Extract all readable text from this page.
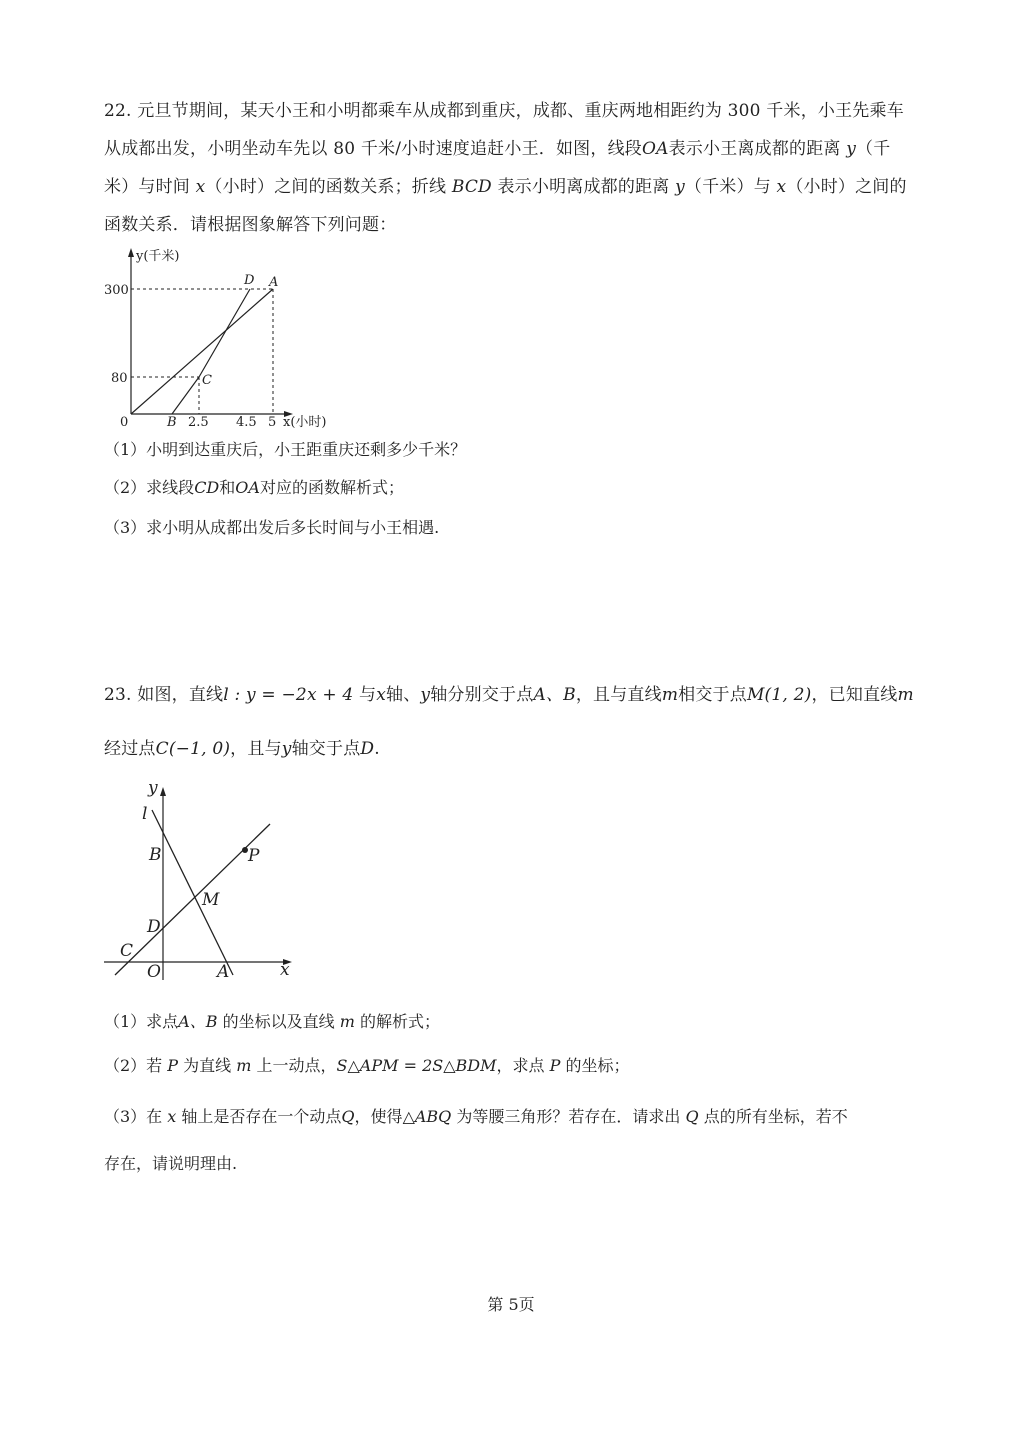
22. 元旦节期间，某天小王和小明都乘车从成都到重庆，成都、重庆两地相距约为 300 千米，小王先乘车
从成都出发，小明坐动车先以 80 千米/小时速度追赶小王．如图，线段OA表示小王离成都的距离 y（千
米）与时间 x（小时）之间的函数关系；折线 BCD 表示小明离成都的距离 y（千米）与 x（小时）之间的
函数关系．请根据图象解答下列问题：
y(千米)
x(小时)
300
80
0	2.5 4.5 5
B
C
D A
（1）小明到达重庆后，小王距重庆还剩多少千米？
（2）求线段CD和OA对应的函数解析式；
（3）求小明从成都出发后多长时间与小王相遇.
23. 如图，直线l : y = −2x + 4 与x轴、y轴分别交于点A、B，且与直线m相交于点M(1, 2)，已知直线m
经过点C(−1, 0)，且与y轴交于点D.
y
x
l
B	P
M
D
C
O	A
（1）求点A、B 的坐标以及直线 m 的解析式；
（2）若 P 为直线 m 上一动点，S△APM = 2S△BDM，求点 P 的坐标；
（3）在 x 轴上是否存在一个动点Q，使得△ABQ 为等腰三角形？若存在．请求出 Q 点的所有坐标，若不
存在，请说明理由.
第 5页
